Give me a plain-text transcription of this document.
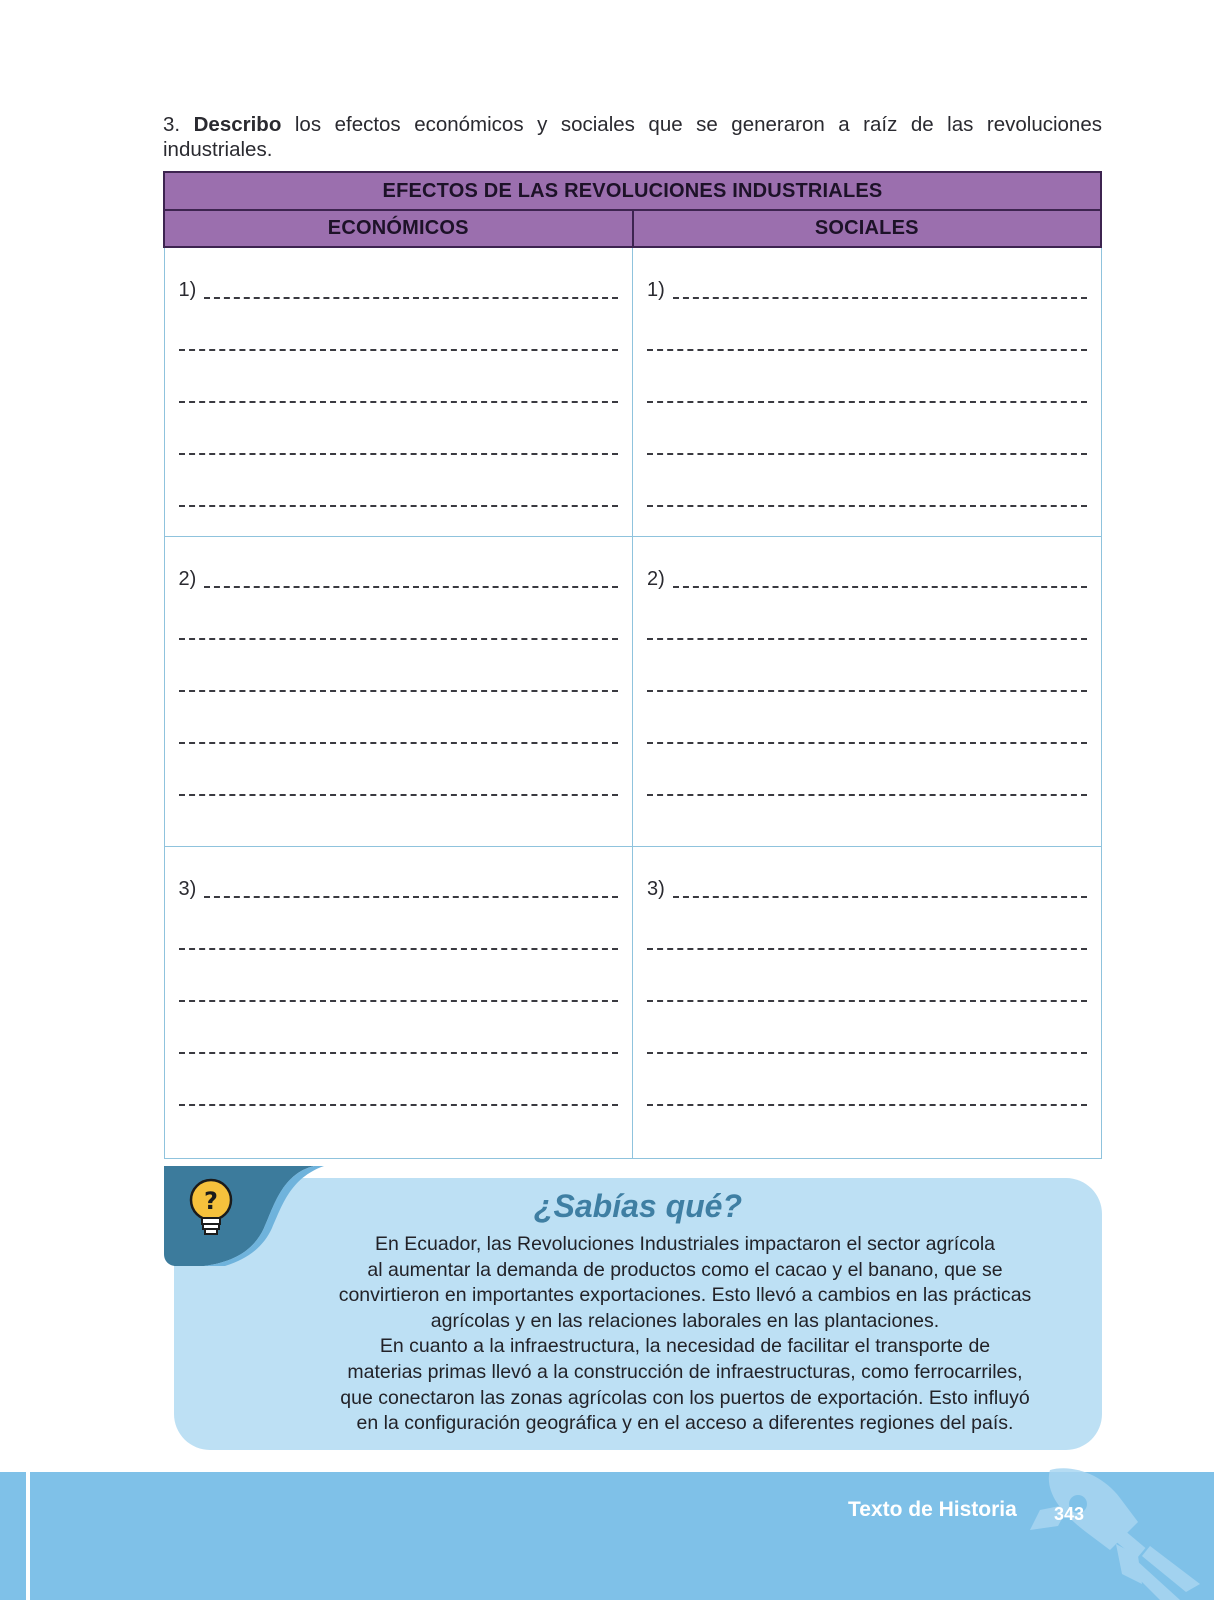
3. Describo los efectos económicos y sociales que se generaron a raíz de las revoluciones industriales.
EFECTOS DE LAS REVOLUCIONES INDUSTRIALES	
ECONÓMICOS	SOCIALES

1)	1)

2)	2)

3)	3)
?	¿Sabías qué?

En Ecuador, las Revoluciones Industriales impactaron el sector agrícola

al aumentar la demanda de productos como el cacao y el banano, que se

convirtieron en importantes exportaciones. Esto llevó a cambios en las prácticas

agrícolas y en las relaciones laborales en las plantaciones.

En cuanto a la infraestructura, la necesidad de facilitar el transporte de

materias primas llevó a la construcción de infraestructuras, como ferrocarriles,

que conectaron las zonas agrícolas con los puertos de exportación. Esto influyó

en la configuración geográfica y en el acceso a diferentes regiones del país.

Texto de Historia 343
